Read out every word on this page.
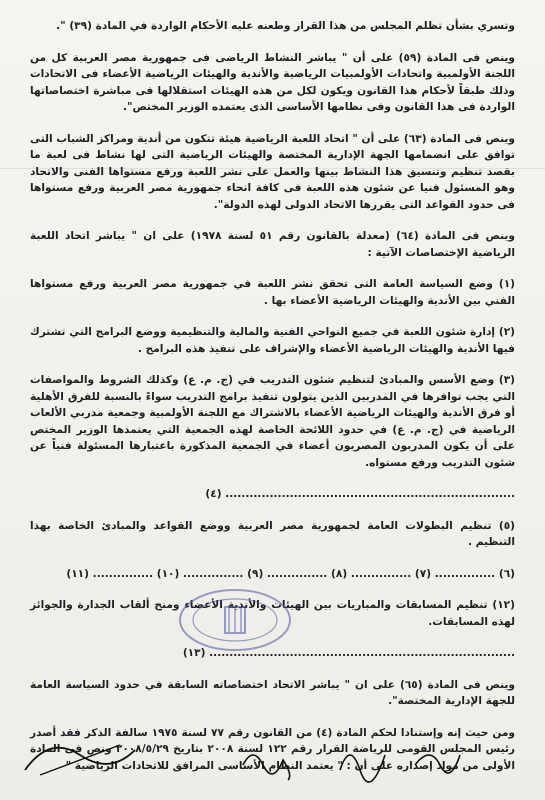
وتسري بشأن تظلم المجلس من هذا القرار وطعنه عليه الأحكام الواردة في المادة (٣٩) ".

وينص فى المادة (٥٩) على أن " يباشر النشاط الرياضى فى جمهورية مصر العربية كل من اللجنة الأولمبية واتحادات الأولمبيات الرياضية والأندية والهيئات الرياضية الأعضاء فى الاتحادات وذلك طبقاً لأحكام هذا القانون ويكون لكل من هذه الهيئات استقلالها فى مباشرة اختصاصاتها الواردة فى هذا القانون وفى نظامها الأساسى الذى يعتمده الوزير المختص".

وينص فى المادة (٦٣) على أن " اتحاد اللعبة الرياضية هيئة تتكون من أندية ومراكز الشباب التى توافق على انضمامها الجهة الإدارية المختصة والهيئات الرياضية التى لها نشاط فى لعبة ما بقصد تنظيم وتنسيق هذا النشاط بينها والعمل على نشر اللعبة ورفع مستواها الفنى والاتحاد وهو المسئول فنيا عن شئون هذه اللعبة فى كافة انحاء جمهورية مصر العربية ورفع مستواها فى حدود القواعد التى يقررها الاتحاد الدولى لهذه الدولة".

وينص فى المادة (٦٤) (معدلة بالقانون رقم ٥١ لسنة ١٩٧٨) على ان " يباشر اتحاد اللعبة الرياضية الإختصاصات الآتية :

(١) وضع السياسة العامة التى تحقق نشر اللعبة في جمهورية مصر العربية ورفع مستواها الفني بين الأندية والهيئات الرياضية الأعضاء بها .

(٢) إدارة شئون اللعبة في جميع النواحي الفنية والمالية والتنظيمية ووضع البرامج التي تشترك فيها الأندية والهيئات الرياضية الأعضاء والإشراف على تنفيذ هذه البرامج .

(٣) وضع الأسس والمبادئ لتنظيم شئون التدريب في (ج. م. ع) وكذلك الشروط والمواصفات التي يجب توافرها في المدربين الذين يتولون تنفيذ برامج التدريب سواءً بالنسبة للفرق الأهلية أو فرق الأندية والهيئات الرياضية الأعضاء بالاشتراك مع اللجنة الأولمبية وجمعية مدربي الألعاب الرياضية في (ج. م. ع) في حدود اللائحة الخاصة لهذه الجمعية التي يعتمدها الوزير المختص على أن يكون المدربون المصريون أعضاء في الجمعية المذكورة باعتبارها المسئولة فنياً عن شئون التدريب ورفع مستواه.

........................................................................ (٤)

(٥) تنظيم البطولات العامة لجمهورية مصر العربية ووضع القواعد والمبادئ الخاصة بهذا التنظيم .

(٦) ............... (٧) ............... (٨) ............... (٩) ............... (١٠) ............... (١١)

(١٢) تنظيم المسابقات والمباريات بين الهيئات والأندية الأعضاء ومنح ألقاب الجدارة والجوائز لهذه المسابقات.

............................................................................ (١٣)

وينص فى المادة (٦٥) على ان " يباشر الاتحاد اختصاصاته السابقة في حدود السياسة العامة للجهة الإدارية المختصة".

ومن حيث إنه وإستنادا لحكم المادة (٤) من القانون رقم ٧٧ لسنة ١٩٧٥ سالفة الذكر فقد أصدر رئيس المجلس القومى للرياضة القرار رقم ١٢٢ لسنة ٢٠٠٨ بتاريخ ٢٠٠٨/٥/٢٩ ونص فى المادة الأولى من مواد إصداره على أن : " يعتمد النظام الأساسى المرافق للاتحادات الرياضية "
